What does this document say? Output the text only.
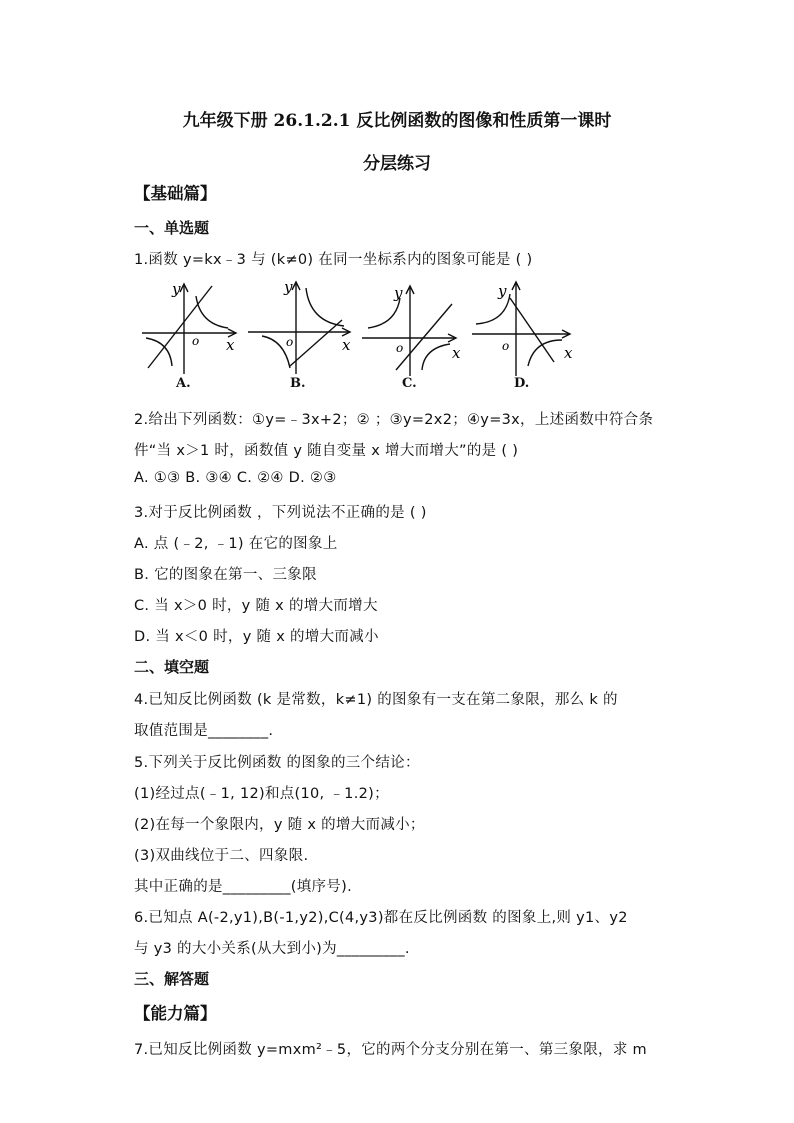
九年级下册 26.1.2.1 反比例函数的图像和性质第一课时
分层练习
【基础篇】
一、单选题
1.函数 y=kx﹣3 与 (k≠0) 在同一坐标系内的图象可能是 ( )
y
x
o
A.
y
x
o
B.
y
x
o
C.
y
x
o
D.
2.给出下列函数：①y=﹣3x+2；② ；③y=2x2；④y=3x，上述函数中符合条
件“当 x＞1 时，函数值 y 随自变量 x 增大而增大”的是 ( )
A. ①③ B. ③④ C. ②④ D. ②③
3.对于反比例函数 ，下列说法不正确的是 ( )
A. 点 (﹣2, ﹣1) 在它的图象上
B. 它的图象在第一、三象限
C. 当 x＞0 时，y 随 x 的增大而增大
D. 当 x＜0 时，y 随 x 的增大而减小
二、填空题
4.已知反比例函数 (k 是常数，k≠1) 的图象有一支在第二象限，那么 k 的
取值范围是________.
5.下列关于反比例函数 的图象的三个结论：
(1)经过点(﹣1, 12)和点(10, ﹣1.2)；
(2)在每一个象限内，y 随 x 的增大而减小；
(3)双曲线位于二、四象限.
其中正确的是_________(填序号).
6.已知点 A(-2,y1),B(-1,y2),C(4,y3)都在反比例函数 的图象上,则 y1、y2
与 y3 的大小关系(从大到小)为_________.
三、解答题
【能力篇】
7.已知反比例函数 y=mxm²﹣5，它的两个分支分别在第一、第三象限，求 m
